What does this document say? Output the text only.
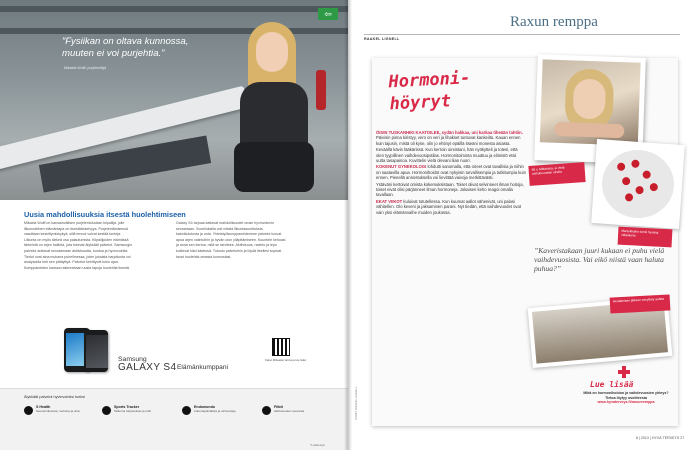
⇦
”Fysiikan on oltava kunnossa, muuten ei voi purjehtia.”
Mikaela Wulff, purjelentäjä
Uusia mahdollisuuksia itsestä huolehtimiseen
Mikaela Wulff on kansainvälisen purjelentoluokan kilpailija, jolle liikunnallinen elämäntapa on itsestäänselvyys. Purjelentämisessä vaaditaan keskittymiskykyä, sillä lennot voivat kestää tunteja. Liikunta on myös tärkeä osa palautumista. Kilpailijoiden elämässä tärkeintä on arjen hallinta, jota tukevat älykkäät palvelut. Samsungin palvelut auttavat seuraamaan aktiivisuutta, kuntoa ja hyvinvointia. Tiedot ovat aina mukana puhelimessa, joten jokaista harjoitusta voi analysoida heti sen päätyttyä. Palvelut kehittyvät koko ajan. Kumppaneiden kanssa rakennetaan uusia tapoja huolehtia itsestä.
Galaxy S4 tarjoaa kattavat mahdollisuudet oman hyvinvoinnin seurantaan. Sovelluksilla voit mitata liikuntasuorituksia, kalorikulutusta ja unta. Yhteistyökumppaneidemme palvelut tuovat apua arjen valintoihin ja hyvän olon ylläpitämiseen. Kuuntele kehoasi ja anna sen kertoa, mitä se tarvitsee. Aktiivisuus, ravinto ja lepo kulkevat käsi kädessä. Tutustu palveluihin ja löydä itsellesi sopivat tavat huolehtia omasta kunnostasi.
Samsung
GALAXY S4 Elämänkumppani
Katso Mikaelan tarina ja lue lisää
Älykkäät palvelut hyvinvointisi tueksi
S Health
Seuraa liikuntaa, ravintoa ja unta
Sports Tracker
Tallenna harjoitukset ja reitit
Endomondo
Liikuntapäiväkirja ja valmentaja
Fitbit
Aktiivisuuden seuranta
*Lisätietoja
Raxun remppa
RAAKEL LIGNELL
Hormoni-
höyryt

ÖISIN TUSKANHIKI KAATOILEE, sydän hakkaa, uni karkaa tiheään tahtiin. Päivisin pinna kiristyy, vero on veri ja lihakset tuntuvat kankeilta. Kauan ennen kuin tajusin, mistä oli kyse, olin jo ehtinyt epäillä itseäni monesta asiasta.

Keväällä kävin lääkärissä. Kun kerroin oireistani, hän nyökytteli ja totesi, että olen tyypillinen vaihdevuosipotilas. Hormonitoiminta muuttuu ja elimistö etsii uutta tasapainoa. Kuvittelin vielä olevani liian nuori.

KOKENUT GYNEKOLOGI lohdutti sanomalla, että oireet ovat tavallisia ja niihin on saatavilla apua. Hormonihoidot ovat nykyisin turvallisempia ja tutkitumpia kuin ennen. Pienellä annostuksella voi lievittää vaivoja merkittävästi.

Ystäväni kertoivat omista kokemuksistaan. Toiset olivat selvinneet ilman hoitoja, toiset eivät olisi pärjänneet ilman hormoneja. Jokaisen keho reagoi omalla tavallaan.

EKAT VIIKOT kuluivat totutellessa. Kun kuumat aallot vähenivät, uni palasi vähitellen. Olo keveni ja jaksaminen parani. Nyt tiedän, että vaihdevuodet ovat vain yksi elämänvaihe muiden joukossa.

60 v. Mittarissa, ei vielä vaihdevuosien oireita
Mansikkakin toimii hyvänä välipalana
”Kaveristakaan juuri kukaan ei puhu vielä vaihdevuosista. Vai eikö niistä vaan haluta puhua?”
Heräämisen jälkeen venyttely auttaa
Lue lisää
Mikä on hormonihoidon ja vaihdevuosien yhteys? Tietoa löytyy osoitteesta www.hyvaterveys.fi/raxunremppa
8 | 2013 | HYVÄ TERVEYS 27
KUVAT: RAAKEL LIGNELL
